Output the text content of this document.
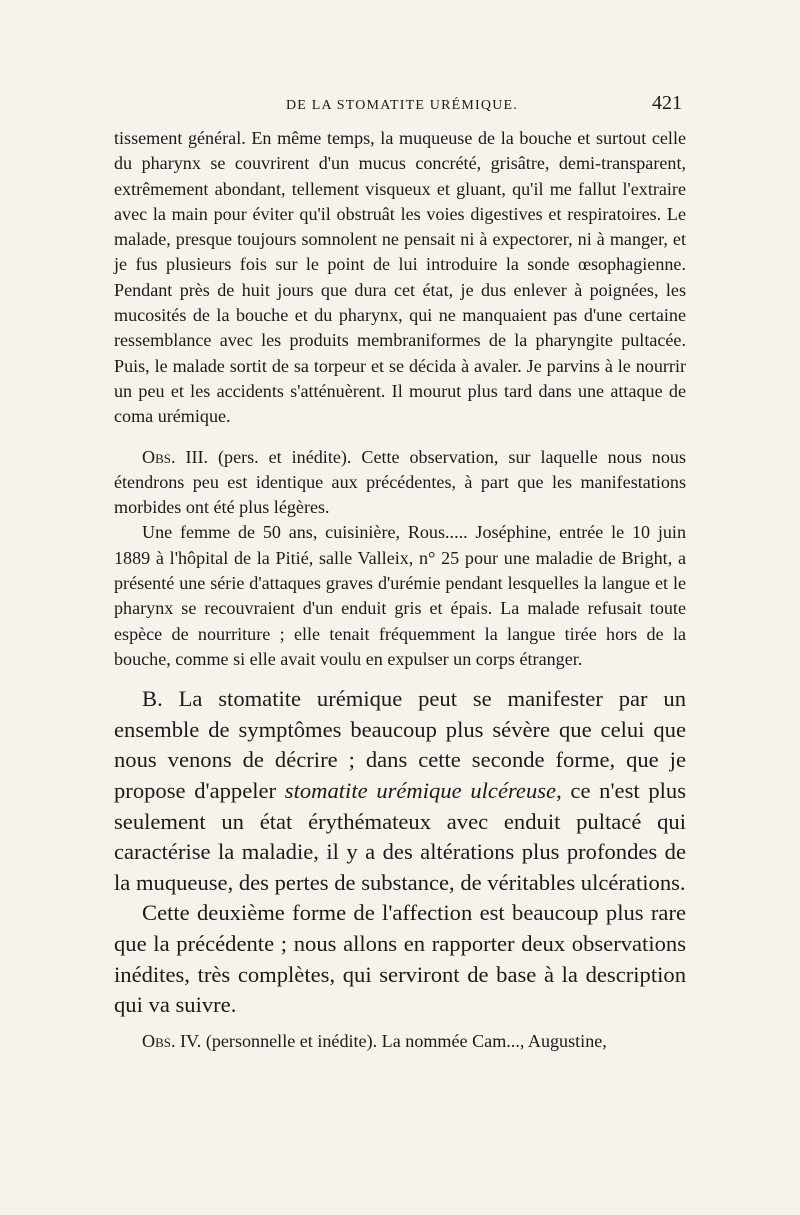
DE LA STOMATITE URÉMIQUE.	421

tissement général. En même temps, la muqueuse de la bouche et surtout celle du pharynx se couvrirent d'un mucus concrété, grisâtre, demi-transparent, extrêmement abondant, tellement visqueux et gluant, qu'il me fallut l'extraire avec la main pour éviter qu'il obstruât les voies digestives et respiratoires. Le malade, presque toujours somnolent ne pensait ni à expectorer, ni à manger, et je fus plusieurs fois sur le point de lui introduire la sonde œsophagienne. Pendant près de huit jours que dura cet état, je dus enlever à poignées, les mucosités de la bouche et du pharynx, qui ne manquaient pas d'une certaine ressemblance avec les produits membraniformes de la pharyngite pultacée. Puis, le malade sortit de sa torpeur et se décida à avaler. Je parvins à le nourrir un peu et les accidents s'atténuèrent. Il mourut plus tard dans une attaque de coma urémique.

Obs. III. (pers. et inédite). Cette observation, sur laquelle nous nous étendrons peu est identique aux précédentes, à part que les manifestations morbides ont été plus légères.

Une femme de 50 ans, cuisinière, Rous..... Joséphine, entrée le 10 juin 1889 à l'hôpital de la Pitié, salle Valleix, n° 25 pour une maladie de Bright, a présenté une série d'attaques graves d'urémie pendant lesquelles la langue et le pharynx se recouvraient d'un enduit gris et épais. La malade refusait toute espèce de nourriture ; elle tenait fréquemment la langue tirée hors de la bouche, comme si elle avait voulu en expulser un corps étranger.

B. La stomatite urémique peut se manifester par un ensemble de symptômes beaucoup plus sévère que celui que nous venons de décrire ; dans cette seconde forme, que je propose d'appeler stomatite urémique ulcéreuse, ce n'est plus seulement un état érythémateux avec enduit pultacé qui caractérise la maladie, il y a des altérations plus profondes de la muqueuse, des pertes de substance, de véritables ulcérations.

Cette deuxième forme de l'affection est beaucoup plus rare que la précédente ; nous allons en rapporter deux observations inédites, très complètes, qui serviront de base à la description qui va suivre.

Obs. IV. (personnelle et inédite). La nommée Cam..., Augustine,
